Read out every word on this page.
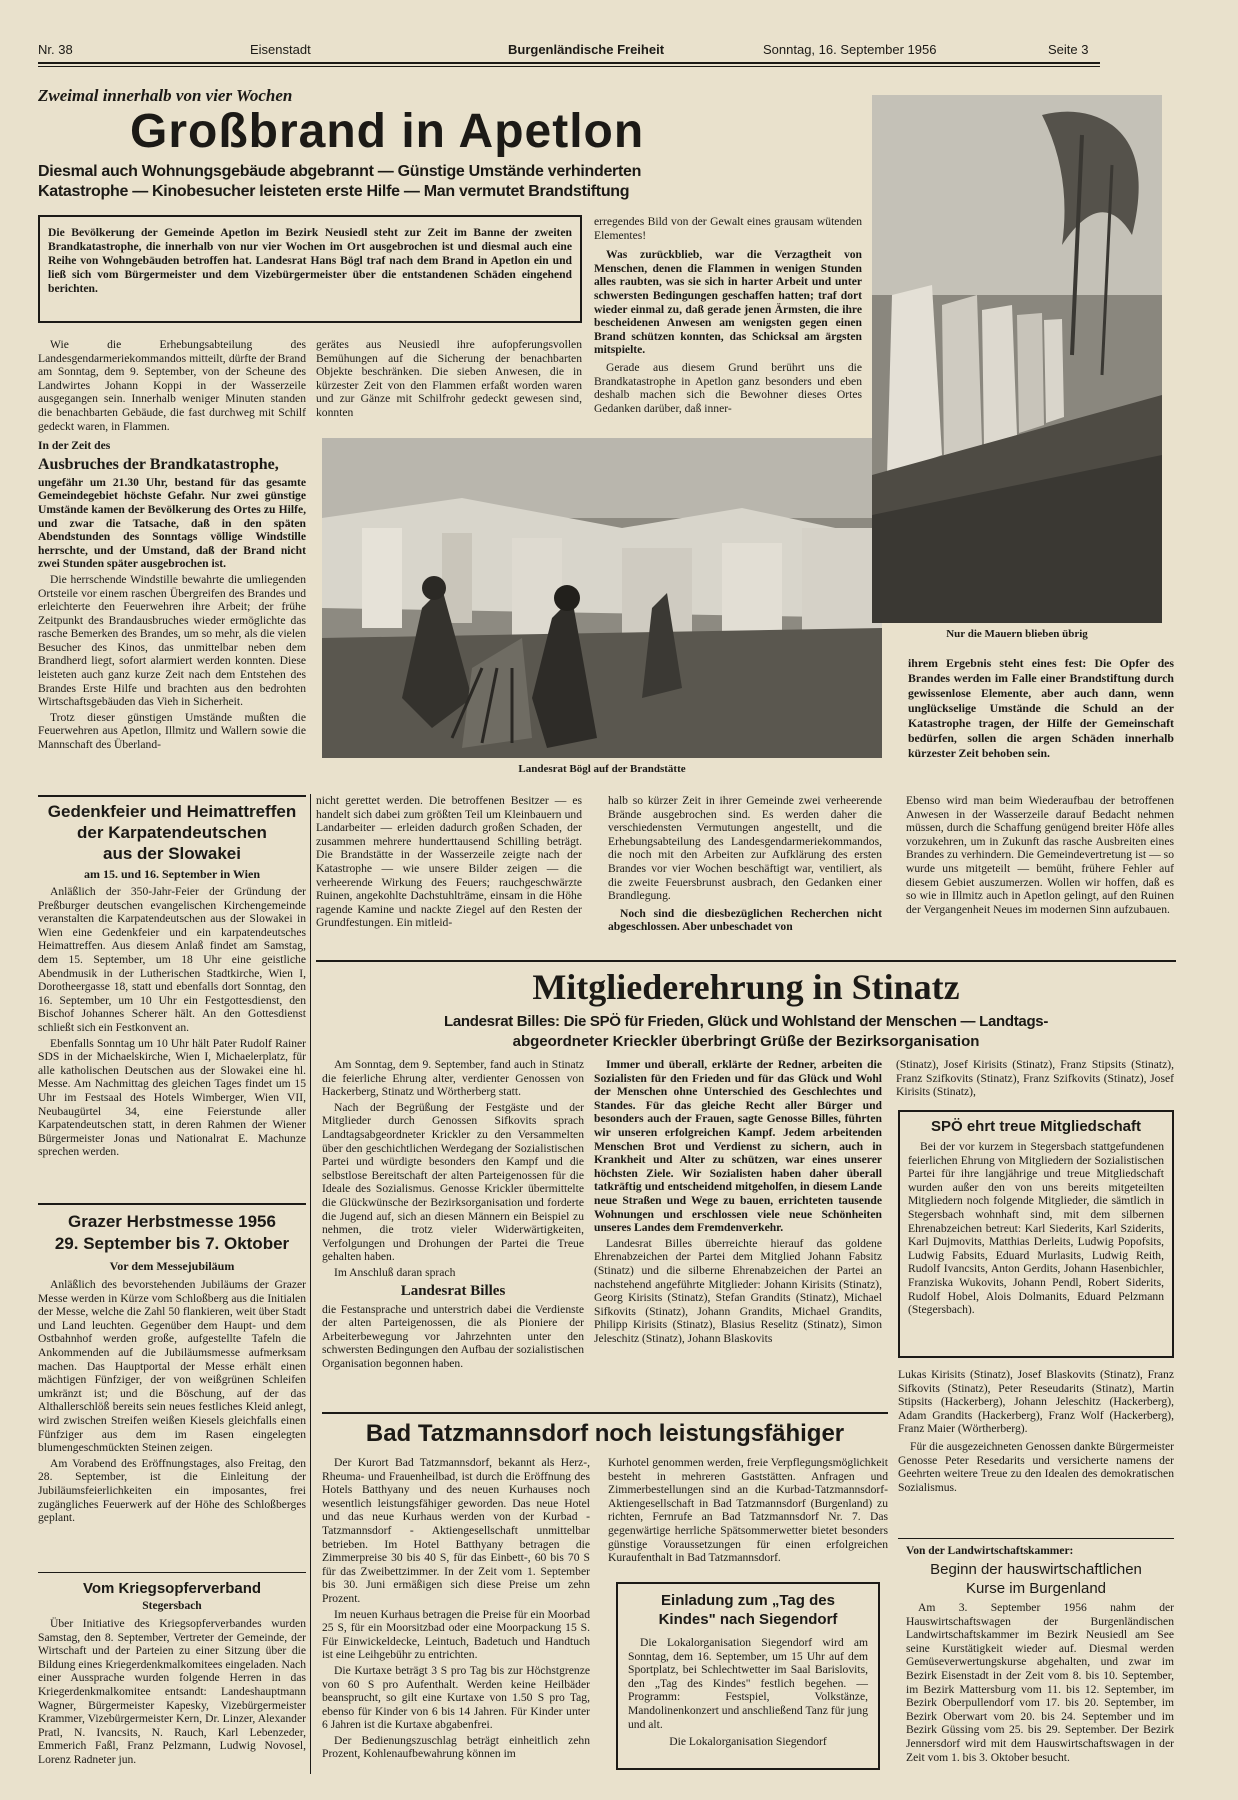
Nr. 38	Eisenstadt	Burgenländische Freiheit	Sonntag, 16. September 1956	Seite 3
Zweimal innerhalb von vier Wochen
Großbrand in Apetlon
Diesmal auch Wohnungsgebäude abgebrannt — Günstige Umstände verhinderten
Katastrophe — Kinobesucher leisteten erste Hilfe — Man vermutet Brandstiftung
Die Bevölkerung der Gemeinde Apetlon im Bezirk Neusiedl steht zur Zeit im Banne der zweiten Brandkatastrophe, die innerhalb von nur vier Wochen im Ort ausgebrochen ist und diesmal auch eine Reihe von Wohngebäuden betroffen hat. Landesrat Hans Bögl traf nach dem Brand in Apetlon ein und ließ sich vom Bürgermeister und dem Vizebürgermeister über die entstandenen Schäden eingehend berichten.

Wie die Erhebungsabteilung des Landesgendarmeriekommandos mitteilt, dürfte der Brand am Sonntag, dem 9. September, von der Scheune des Landwirtes Johann Koppi in der Wasserzeile ausgegangen sein. Innerhalb weniger Minuten standen die benachbarten Gebäude, die fast durchweg mit Schilf gedeckt waren, in Flammen.

In der Zeit des

Ausbruches der Brandkatastrophe,

ungefähr um 21.30 Uhr, bestand für das gesamte Gemeindegebiet höchste Gefahr. Nur zwei günstige Umstände kamen der Bevölkerung des Ortes zu Hilfe, und zwar die Tatsache, daß in den späten Abendstunden des Sonntags völlige Windstille herrschte, und der Umstand, daß der Brand nicht zwei Stunden später ausgebrochen ist.

Die herrschende Windstille bewahrte die umliegenden Ortsteile vor einem raschen Übergreifen des Brandes und erleichterte den Feuerwehren ihre Arbeit; der frühe Zeitpunkt des Brandausbruches wieder ermöglichte das rasche Bemerken des Brandes, um so mehr, als die vielen Besucher des Kinos, das unmittelbar neben dem Brandherd liegt, sofort alarmiert werden konnten. Diese leisteten auch ganz kurze Zeit nach dem Entstehen des Brandes Erste Hilfe und brachten aus den bedrohten Wirtschaftsgebäuden das Vieh in Sicherheit.

Trotz dieser günstigen Umstände mußten die Feuerwehren aus Apetlon, Illmitz und Wallern sowie die Mannschaft des Überland-

gerätes aus Neusiedl ihre aufopferungsvollen Bemühungen auf die Sicherung der benachbarten Objekte beschränken. Die sieben Anwesen, die in kürzester Zeit von den Flammen erfaßt worden waren und zur Gänze mit Schilfrohr gedeckt gewesen sind, konnten

erregendes Bild von der Gewalt eines grausam wütenden Elementes!

Was zurückblieb, war die Verzagtheit von Menschen, denen die Flammen in wenigen Stunden alles raubten, was sie sich in harter Arbeit und unter schwersten Bedingungen geschaffen hatten; traf dort wieder einmal zu, daß gerade jenen Ärmsten, die ihre bescheidenen Anwesen am wenigsten gegen einen Brand schützen konnten, das Schicksal am ärgsten mitspielte.

Gerade aus diesem Grund berührt uns die Brandkatastrophe in Apetlon ganz besonders und eben deshalb machen sich die Bewohner dieses Ortes Gedanken darüber, daß inner-

Landesrat Bögl auf der Brandstätte
Nur die Mauern blieben übrig
ihrem Ergebnis steht eines fest: Die Opfer des Brandes werden im Falle einer Brandstiftung durch gewissenlose Elemente, aber auch dann, wenn unglückselige Umstände die Schuld an der Katastrophe tragen, der Hilfe der Gemeinschaft bedürfen, sollen die argen Schäden innerhalb kürzester Zeit behoben sein.
nicht gerettet werden. Die betroffenen Besitzer — es handelt sich dabei zum größten Teil um Kleinbauern und Landarbeiter — erleiden dadurch großen Schaden, der zusammen mehrere hunderttausend Schilling beträgt. Die Brandstätte in der Wasserzeile zeigte nach der Katastrophe — wie unsere Bilder zeigen — die verheerende Wirkung des Feuers; rauchgeschwärzte Ruinen, angekohlte Dachstuhlträme, einsam in die Höhe ragende Kamine und nackte Ziegel auf den Resten der Grundfestungen. Ein mitleid-

halb so kürzer Zeit in ihrer Gemeinde zwei verheerende Brände ausgebrochen sind. Es werden daher die verschiedensten Vermutungen angestellt, und die Erhebungsabteilung des Landesgendarmeriekommandos, die noch mit den Arbeiten zur Aufklärung des ersten Brandes vor vier Wochen beschäftigt war, ventiliert, als die zweite Feuersbrunst ausbrach, den Gedanken einer Brandlegung.

Noch sind die diesbezüglichen Recherchen nicht abgeschlossen. Aber unbeschadet von

Ebenso wird man beim Wiederaufbau der betroffenen Anwesen in der Wasserzeile darauf Bedacht nehmen müssen, durch die Schaffung genügend breiter Höfe alles vorzukehren, um in Zukunft das rasche Ausbreiten eines Brandes zu verhindern. Die Gemeindevertretung ist — so wurde uns mitgeteilt — bemüht, frühere Fehler auf diesem Gebiet auszumerzen. Wollen wir hoffen, daß es so wie in Illmitz auch in Apetlon gelingt, auf den Ruinen der Vergangenheit Neues im modernen Sinn aufzubauen.
Gedenkfeier und Heimattreffen
der Karpatendeutschen
aus der Slowakei
am 15. und 16. September in Wien

Anläßlich der 350-Jahr-Feier der Gründung der Preßburger deutschen evangelischen Kirchengemeinde veranstalten die Karpatendeutschen aus der Slowakei in Wien eine Gedenkfeier und ein karpatendeutsches Heimattreffen. Aus diesem Anlaß findet am Samstag, dem 15. September, um 18 Uhr eine geistliche Abendmusik in der Lutherischen Stadtkirche, Wien I, Dorotheergasse 18, statt und ebenfalls dort Sonntag, den 16. September, um 10 Uhr ein Festgottesdienst, den Bischof Johannes Scherer hält. An den Gottesdienst schließt sich ein Festkonvent an.

Ebenfalls Sonntag um 10 Uhr hält Pater Rudolf Rainer SDS in der Michaelskirche, Wien I, Michaelerplatz, für alle katholischen Deutschen aus der Slowakei eine hl. Messe. Am Nachmittag des gleichen Tages findet um 15 Uhr im Festsaal des Hotels Wimberger, Wien VII, Neubaugürtel 34, eine Feierstunde aller Karpatendeutschen statt, in deren Rahmen der Wiener Bürgermeister Jonas und Nationalrat E. Machunze sprechen werden.

Grazer Herbstmesse 1956
29. September bis 7. Oktober
Vor dem Messejubiläum

Anläßlich des bevorstehenden Jubiläums der Grazer Messe werden in Kürze vom Schloßberg aus die Initialen der Messe, welche die Zahl 50 flankieren, weit über Stadt und Land leuchten. Gegenüber dem Haupt- und dem Ostbahnhof werden große, aufgestellte Tafeln die Ankommenden auf die Jubiläumsmesse aufmerksam machen. Das Hauptportal der Messe erhält einen mächtigen Fünfziger, der von weißgrünen Schleifen umkränzt ist; und die Böschung, auf der das Althallerschlöß bereits sein neues festliches Kleid anlegt, wird zwischen Streifen weißen Kiesels gleichfalls einen Fünfziger aus dem im Rasen eingelegten blumengeschmückten Steinen zeigen.

Am Vorabend des Eröffnungstages, also Freitag, den 28. September, ist die Einleitung der Jubiläumsfeierlichkeiten ein imposantes, frei zugängliches Feuerwerk auf der Höhe des Schloßberges geplant.

Vom Kriegsopferverband
Stegersbach

Über Initiative des Kriegsopferverbandes wurden Samstag, den 8. September, Vertreter der Gemeinde, der Wirtschaft und der Parteien zu einer Sitzung über die Bildung eines Kriegerdenkmalkomitees eingeladen. Nach einer Aussprache wurden folgende Herren in das Kriegerdenkmalkomitee entsandt: Landeshauptmann Wagner, Bürgermeister Kapesky, Vizebürgermeister Krammer, Vizebürgermeister Kern, Dr. Linzer, Alexander Pratl, N. Ivancsits, N. Rauch, Karl Lebenzeder, Emmerich Faßl, Franz Pelzmann, Ludwig Novosel, Lorenz Radneter jun.

Mitgliederehrung in Stinatz
Landesrat Billes: Die SPÖ für Frieden, Glück und Wohlstand der Menschen — Landtags-
abgeordneter Krieckler überbringt Grüße der Bezirksorganisation

Am Sonntag, dem 9. September, fand auch in Stinatz die feierliche Ehrung alter, verdienter Genossen von Hackerberg, Stinatz und Wörtherberg statt.

Nach der Begrüßung der Festgäste und der Mitglieder durch Genossen Sifkovits sprach Landtagsabgeordneter Krickler zu den Versammelten über den geschichtlichen Werdegang der Sozialistischen Partei und würdigte besonders den Kampf und die selbstlose Bereitschaft der alten Parteigenossen für die Ideale des Sozialismus. Genosse Krickler übermittelte die Glückwünsche der Bezirksorganisation und forderte die Jugend auf, sich an diesen Männern ein Beispiel zu nehmen, die trotz vieler Widerwärtigkeiten, Verfolgungen und Drohungen der Partei die Treue gehalten haben.

Im Anschluß daran sprach

Landesrat Billes

die Festansprache und unterstrich dabei die Verdienste der alten Parteigenossen, die als Pioniere der Arbeiterbewegung vor Jahrzehnten unter den schwersten Bedingungen den Aufbau der sozialistischen Organisation begonnen haben.

Immer und überall, erklärte der Redner, arbeiten die Sozialisten für den Frieden und für das Glück und Wohl der Menschen ohne Unterschied des Geschlechtes und Standes. Für das gleiche Recht aller Bürger und besonders auch der Frauen, sagte Genosse Billes, führten wir unseren erfolgreichen Kampf. Jedem arbeitenden Menschen Brot und Verdienst zu sichern, auch in Krankheit und Alter zu schützen, war eines unserer höchsten Ziele. Wir Sozialisten haben daher überall tatkräftig und entscheidend mitgeholfen, in diesem Lande neue Straßen und Wege zu bauen, errichteten tausende Wohnungen und erschlossen viele neue Schönheiten unseres Landes dem Fremdenverkehr.

Landesrat Billes überreichte hierauf das goldene Ehrenabzeichen der Partei dem Mitglied Johann Fabsitz (Stinatz) und die silberne Ehrenabzeichen der Partei an nachstehend angeführte Mitglieder: Johann Kirisits (Stinatz), Georg Kirisits (Stinatz), Stefan Grandits (Stinatz), Michael Sifkovits (Stinatz), Johann Grandits, Michael Grandits, Philipp Kirisits (Stinatz), Blasius Reselitz (Stinatz), Simon Jeleschitz (Stinatz), Johann Blaskovits

(Stinatz), Josef Kirisits (Stinatz), Franz Stipsits (Stinatz), Franz Szifkovits (Stinatz), Franz Szifkovits (Stinatz), Josef Kirisits (Stinatz),

SPÖ ehrt treue Mitgliedschaft

Bei der vor kurzem in Stegersbach stattgefundenen feierlichen Ehrung von Mitgliedern der Sozialistischen Partei für ihre langjährige und treue Mitgliedschaft wurden außer den von uns bereits mitgeteilten Mitgliedern noch folgende Mitglieder, die sämtlich in Stegersbach wohnhaft sind, mit dem silbernen Ehrenabzeichen betreut: Karl Siederits, Karl Sziderits, Karl Dujmovits, Matthias Derleits, Ludwig Popofsits, Ludwig Fabsits, Eduard Murlasits, Ludwig Reith, Rudolf Ivancsits, Anton Gerdits, Johann Hasenbichler, Franziska Wukovits, Johann Pendl, Robert Siderits, Rudolf Hobel, Alois Dolmanits, Eduard Pelzmann (Stegersbach).

Lukas Kirisits (Stinatz), Josef Blaskovits (Stinatz), Franz Sifkovits (Stinatz), Peter Reseudarits (Stinatz), Martin Stipsits (Hackerberg), Johann Jeleschitz (Hackerberg), Adam Grandits (Hackerberg), Franz Wolf (Hackerberg), Franz Maier (Wörtherberg).

Für die ausgezeichneten Genossen dankte Bürgermeister Genosse Peter Resedarits und versicherte namens der Geehrten weitere Treue zu den Idealen des demokratischen Sozialismus.

Von der Landwirtschaftskammer:
Beginn der hauswirtschaftlichen
Kurse im Burgenland

Am 3. September 1956 nahm der Hauswirtschaftswagen der Burgenländischen Landwirtschaftskammer im Bezirk Neusiedl am See seine Kurstätigkeit wieder auf. Diesmal werden Gemüseverwertungskurse abgehalten, und zwar im Bezirk Eisenstadt in der Zeit vom 8. bis 10. September, im Bezirk Mattersburg vom 11. bis 12. September, im Bezirk Oberpullendorf vom 17. bis 20. September, im Bezirk Oberwart vom 20. bis 24. September und im Bezirk Güssing vom 25. bis 29. September. Der Bezirk Jennersdorf wird mit dem Hauswirtschaftswagen in der Zeit vom 1. bis 3. Oktober besucht.

Bad Tatzmannsdorf noch leistungsfähiger

Der Kurort Bad Tatzmannsdorf, bekannt als Herz-, Rheuma- und Frauenheilbad, ist durch die Eröffnung des Hotels Batthyany und des neuen Kurhauses noch wesentlich leistungsfähiger geworden. Das neue Hotel und das neue Kurhaus werden von der Kurbad - Tatzmannsdorf - Aktiengesellschaft unmittelbar betrieben. Im Hotel Batthyany betragen die Zimmerpreise 30 bis 40 S, für das Einbett-, 60 bis 70 S für das Zweibettzimmer. In der Zeit vom 1. September bis 30. Juni ermäßigen sich diese Preise um zehn Prozent.

Im neuen Kurhaus betragen die Preise für ein Moorbad 25 S, für ein Moorsitzbad oder eine Moorpackung 15 S. Für Einwickeldecke, Leintuch, Badetuch und Handtuch ist eine Leihgebühr zu entrichten.

Die Kurtaxe beträgt 3 S pro Tag bis zur Höchstgrenze von 60 S pro Aufenthalt. Werden keine Heilbäder beansprucht, so gilt eine Kurtaxe von 1.50 S pro Tag, ebenso für Kinder von 6 bis 14 Jahren. Für Kinder unter 6 Jahren ist die Kurtaxe abgabenfrei.

Der Bedienungszuschlag beträgt einheitlich zehn Prozent, Kohlenaufbewahrung können im

Kurhotel genommen werden, freie Verpflegungsmöglichkeit besteht in mehreren Gaststätten. Anfragen und Zimmerbestellungen sind an die Kurbad-Tatzmannsdorf-Aktiengesellschaft in Bad Tatzmannsdorf (Burgenland) zu richten, Fernrufe an Bad Tatzmannsdorf Nr. 7. Das gegenwärtige herrliche Spätsommerwetter bietet besonders günstige Voraussetzungen für einen erfolgreichen Kuraufenthalt in Bad Tatzmannsdorf.

Einladung zum „Tag des
Kindes" nach Siegendorf

Die Lokalorganisation Siegendorf wird am Sonntag, dem 16. September, um 15 Uhr auf dem Sportplatz, bei Schlechtwetter im Saal Barislovits, den „Tag des Kindes" festlich begehen. — Programm: Festspiel, Volkstänze, Mandolinenkonzert und anschließend Tanz für jung und alt.

Die Lokalorganisation Siegendorf
